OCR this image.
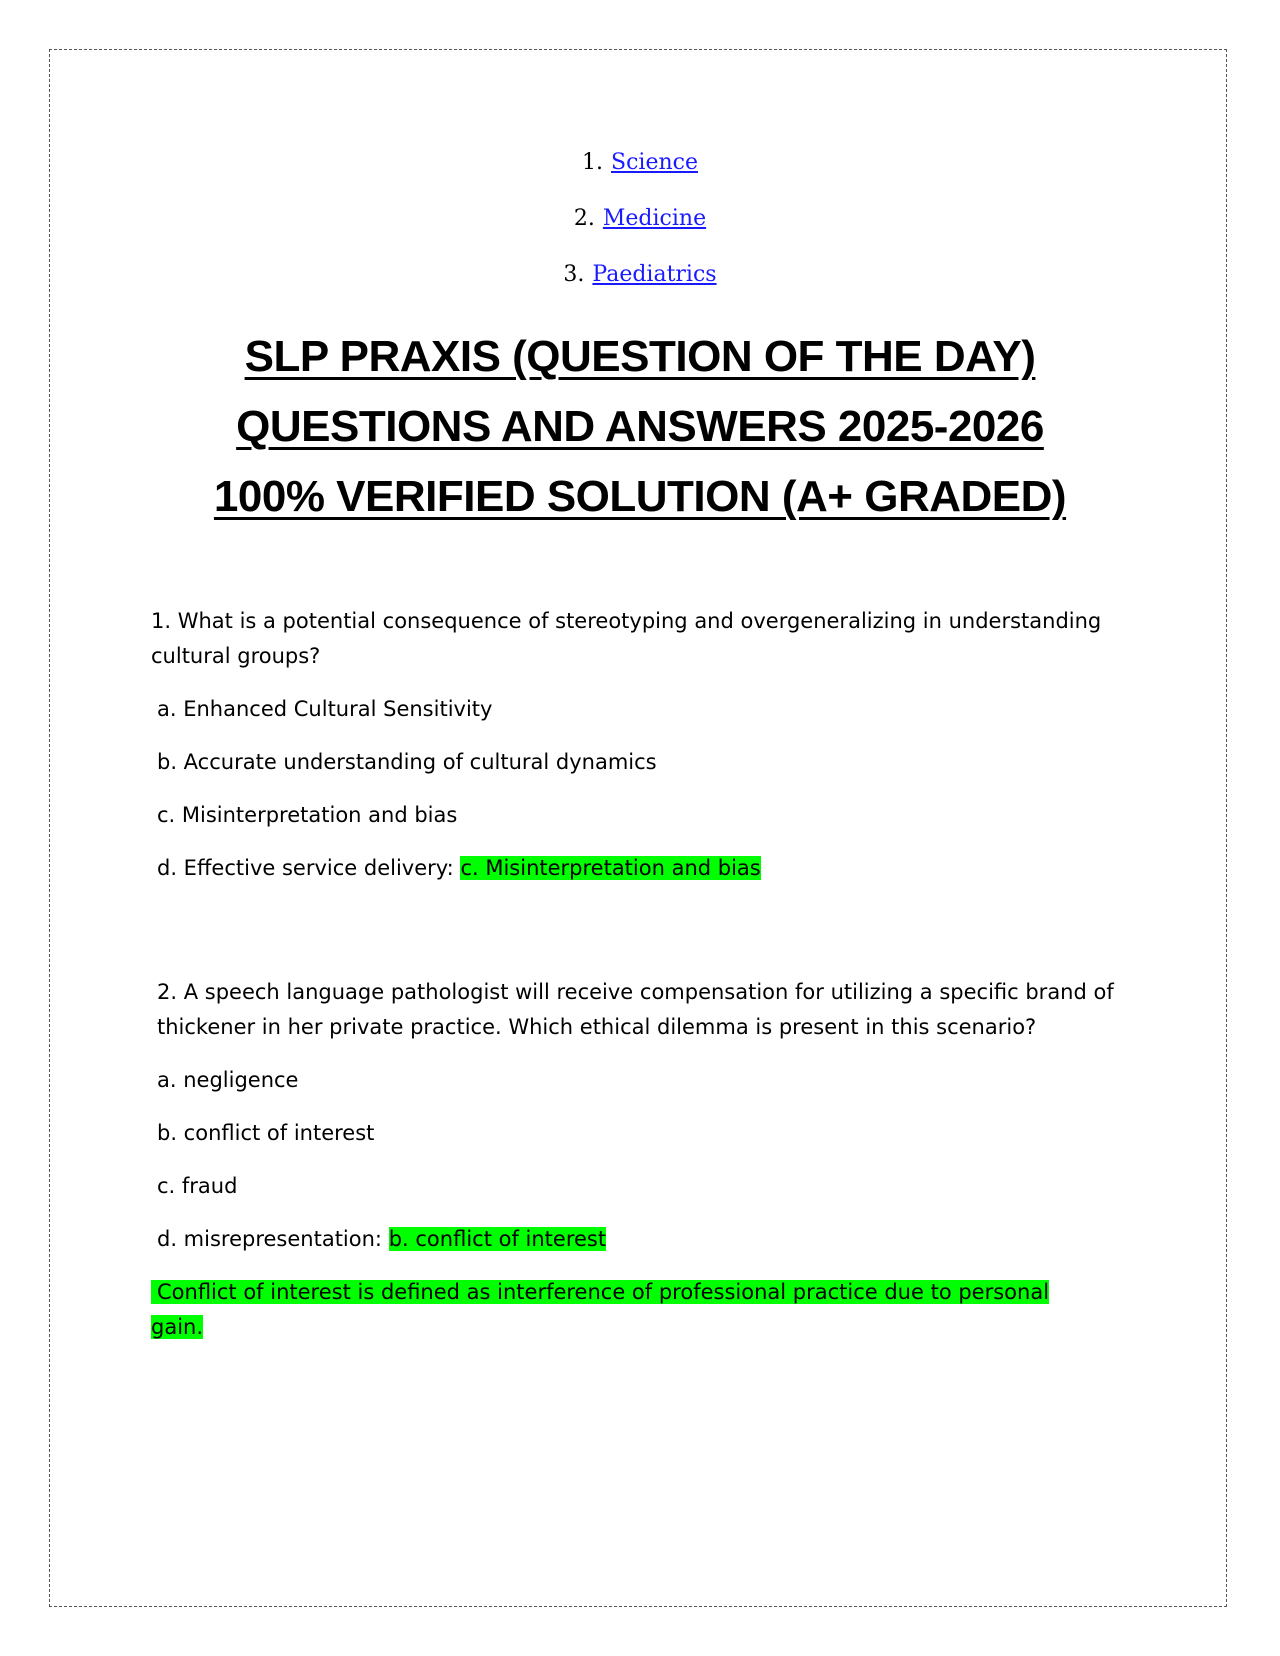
1. Science
2. Medicine
3. Paediatrics
SLP PRAXIS (QUESTION OF THE DAY)
QUESTIONS AND ANSWERS 2025-2026
100% VERIFIED SOLUTION (A+ GRADED)

1. What is a potential consequence of stereotyping and overgeneralizing in understanding cultural groups?

a. Enhanced Cultural Sensitivity

b. Accurate understanding of cultural dynamics

c. Misinterpretation and bias

d. Effective service delivery: c. Misinterpretation and bias

2. A speech language pathologist will receive compensation for utilizing a specific brand of thickener in her private practice. Which ethical dilemma is present in this scenario?

a. negligence

b. conflict of interest

c. fraud

d. misrepresentation: b. conflict of interest

Conflict of interest is defined as interference of professional practice due to personal gain.
